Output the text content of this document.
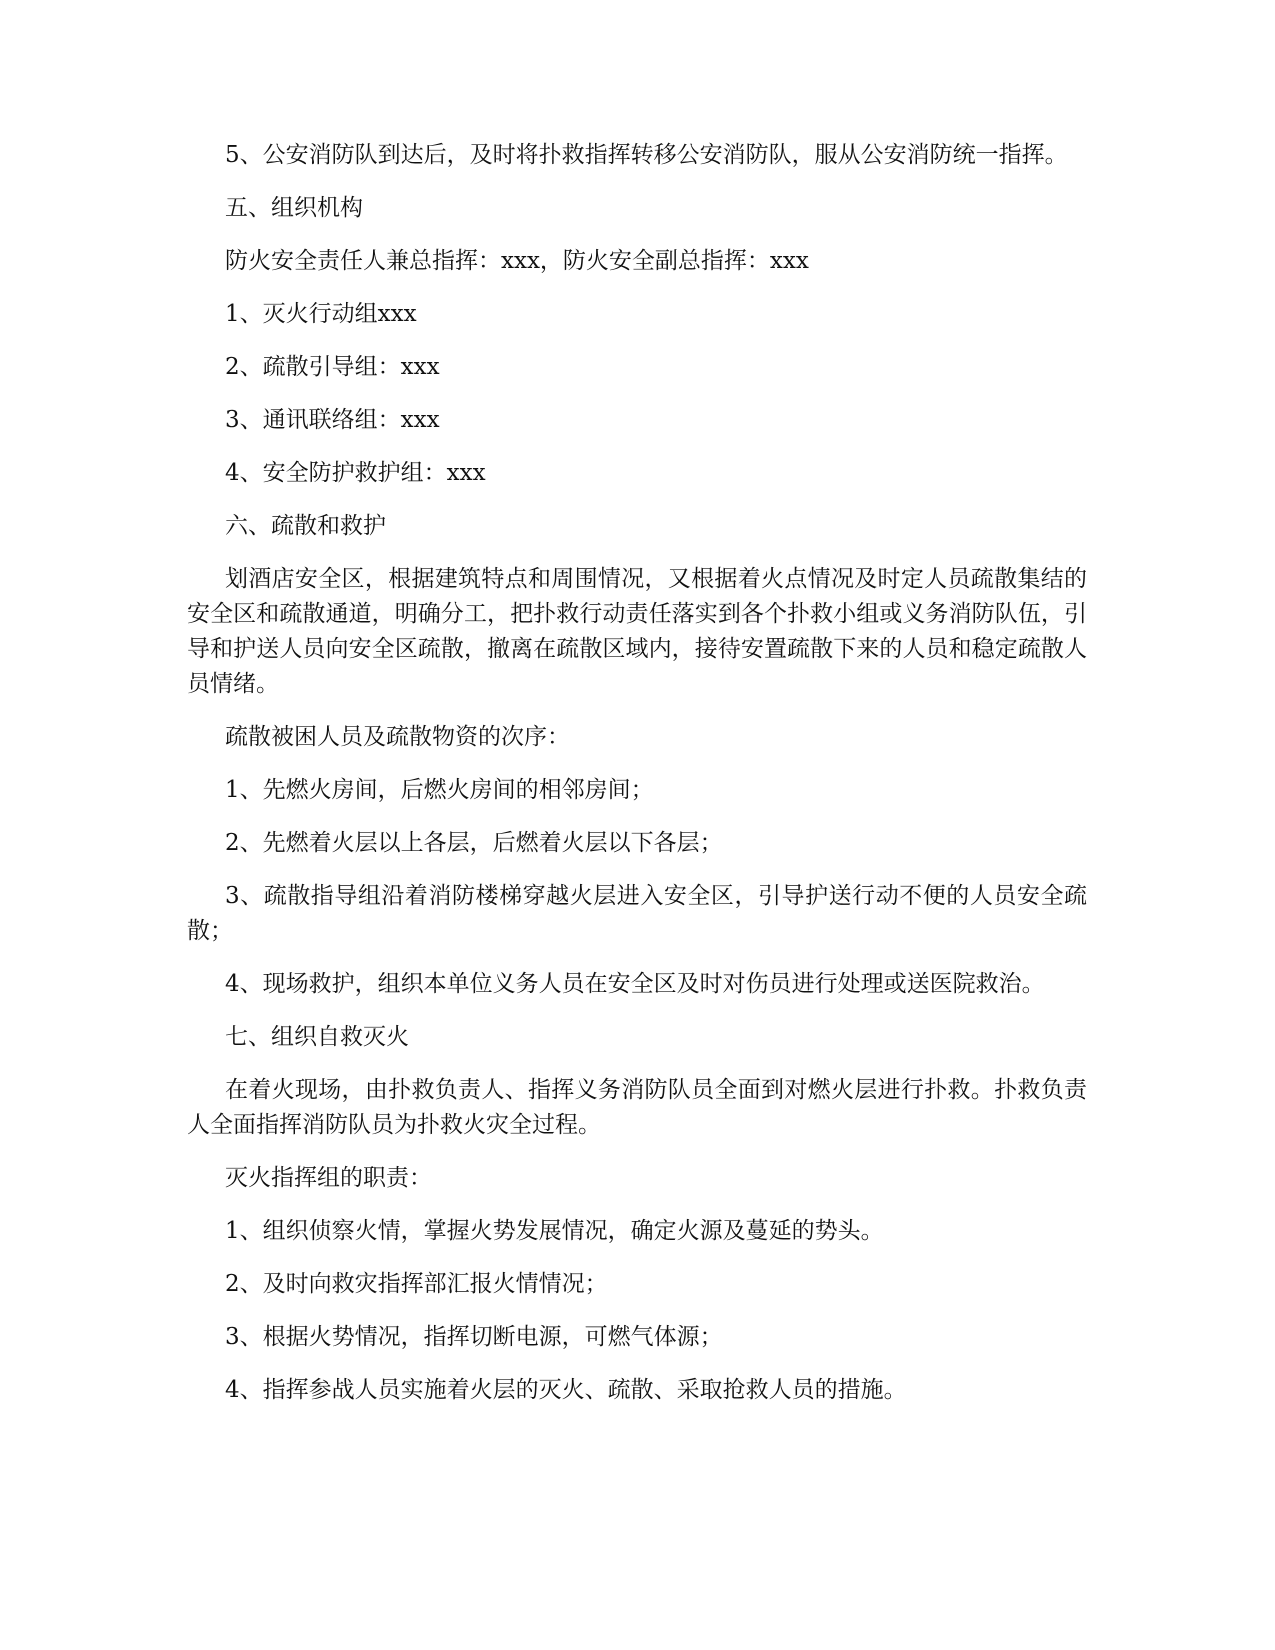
5、公安消防队到达后，及时将扑救指挥转移公安消防队，服从公安消防统一指挥。

五、组织机构

防火安全责任人兼总指挥：xxx，防火安全副总指挥：xxx

1、灭火行动组xxx

2、疏散引导组：xxx

3、通讯联络组：xxx

4、安全防护救护组：xxx

六、疏散和救护

划酒店安全区，根据建筑特点和周围情况，又根据着火点情况及时定人员疏散集结的安全区和疏散通道，明确分工，把扑救行动责任落实到各个扑救小组或义务消防队伍，引导和护送人员向安全区疏散，撤离在疏散区域内，接待安置疏散下来的人员和稳定疏散人员情绪。

疏散被困人员及疏散物资的次序：

1、先燃火房间，后燃火房间的相邻房间；

2、先燃着火层以上各层，后燃着火层以下各层；

3、疏散指导组沿着消防楼梯穿越火层进入安全区，引导护送行动不便的人员安全疏散；

4、现场救护，组织本单位义务人员在安全区及时对伤员进行处理或送医院救治。

七、组织自救灭火

在着火现场，由扑救负责人、指挥义务消防队员全面到对燃火层进行扑救。扑救负责人全面指挥消防队员为扑救火灾全过程。

灭火指挥组的职责：

1、组织侦察火情，掌握火势发展情况，确定火源及蔓延的势头。

2、及时向救灾指挥部汇报火情情况；

3、根据火势情况，指挥切断电源，可燃气体源；

4、指挥参战人员实施着火层的灭火、疏散、采取抢救人员的措施。
